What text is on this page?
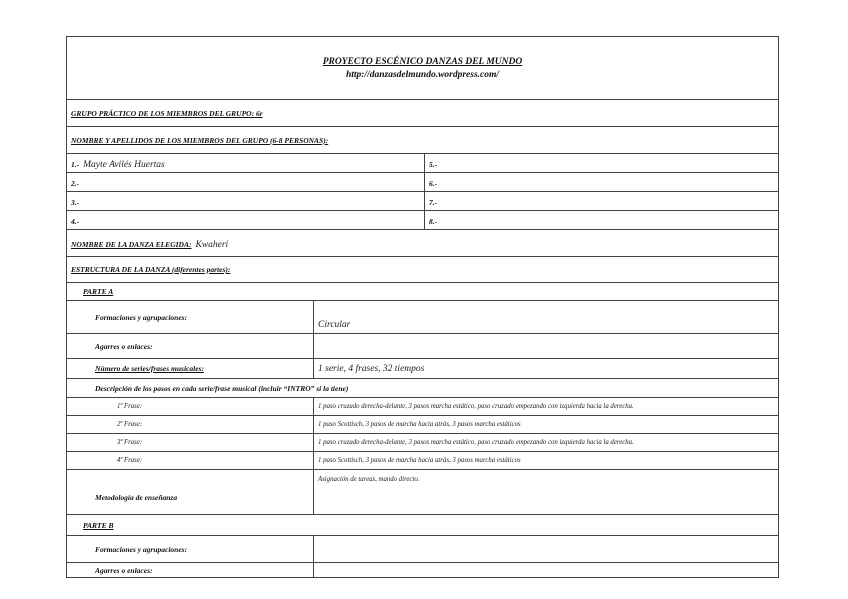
PROYECTO ESCÉNICO DANZAS DEL MUNDO
http://danzasdelmundo.wordpress.com/		

GRUPO PRÁCTICO DE LOS MIEMBROS DEL GRUPO: 6r		
NOMBRE Y APELLIDOS DE LOS MIEMBROS DEL GRUPO (6-8 PERSONAS):		
1.- Mayte Avilés Huertas		5.-
2.-		6.-
3.-		7.-
4.-		8.-
NOMBRE DE LA DANZA ELEGIDA: Kwaheri		
ESTRUCTURA DE LA DANZA (diferentes partes):		
PARTE A		
Formaciones y agrupaciones:	Circular	
Agarres o enlaces:		
Número de series/frases musicales:	1 serie, 4 frases, 32 tiempos	
Descripción de los pasos en cada serie/frase musical (incluir “INTRO” si la tiene)		
1ª Frase:	1 paso cruzado derecha-delante, 3 pasos marcha estático, paso cruzado empezando con izquierda hacia la derecha.	
2ª Frase:	1 paso Scottisch, 3 pasos de marcha hacia atrás, 3 pasos marcha estáticos	
3ª Frase:	1 paso cruzado derecha-delante, 3 pasos marcha estático, paso cruzado empezando con izquierda hacia la derecha.	
4ª Frase:	1 paso Scottisch, 3 pasos de marcha hacia atrás, 3 pasos marcha estáticos	
Metodología de enseñanza	Asignación de tareas, mando directo.	
PARTE B		
Formaciones y agrupaciones:		
Agarres o enlaces:		
